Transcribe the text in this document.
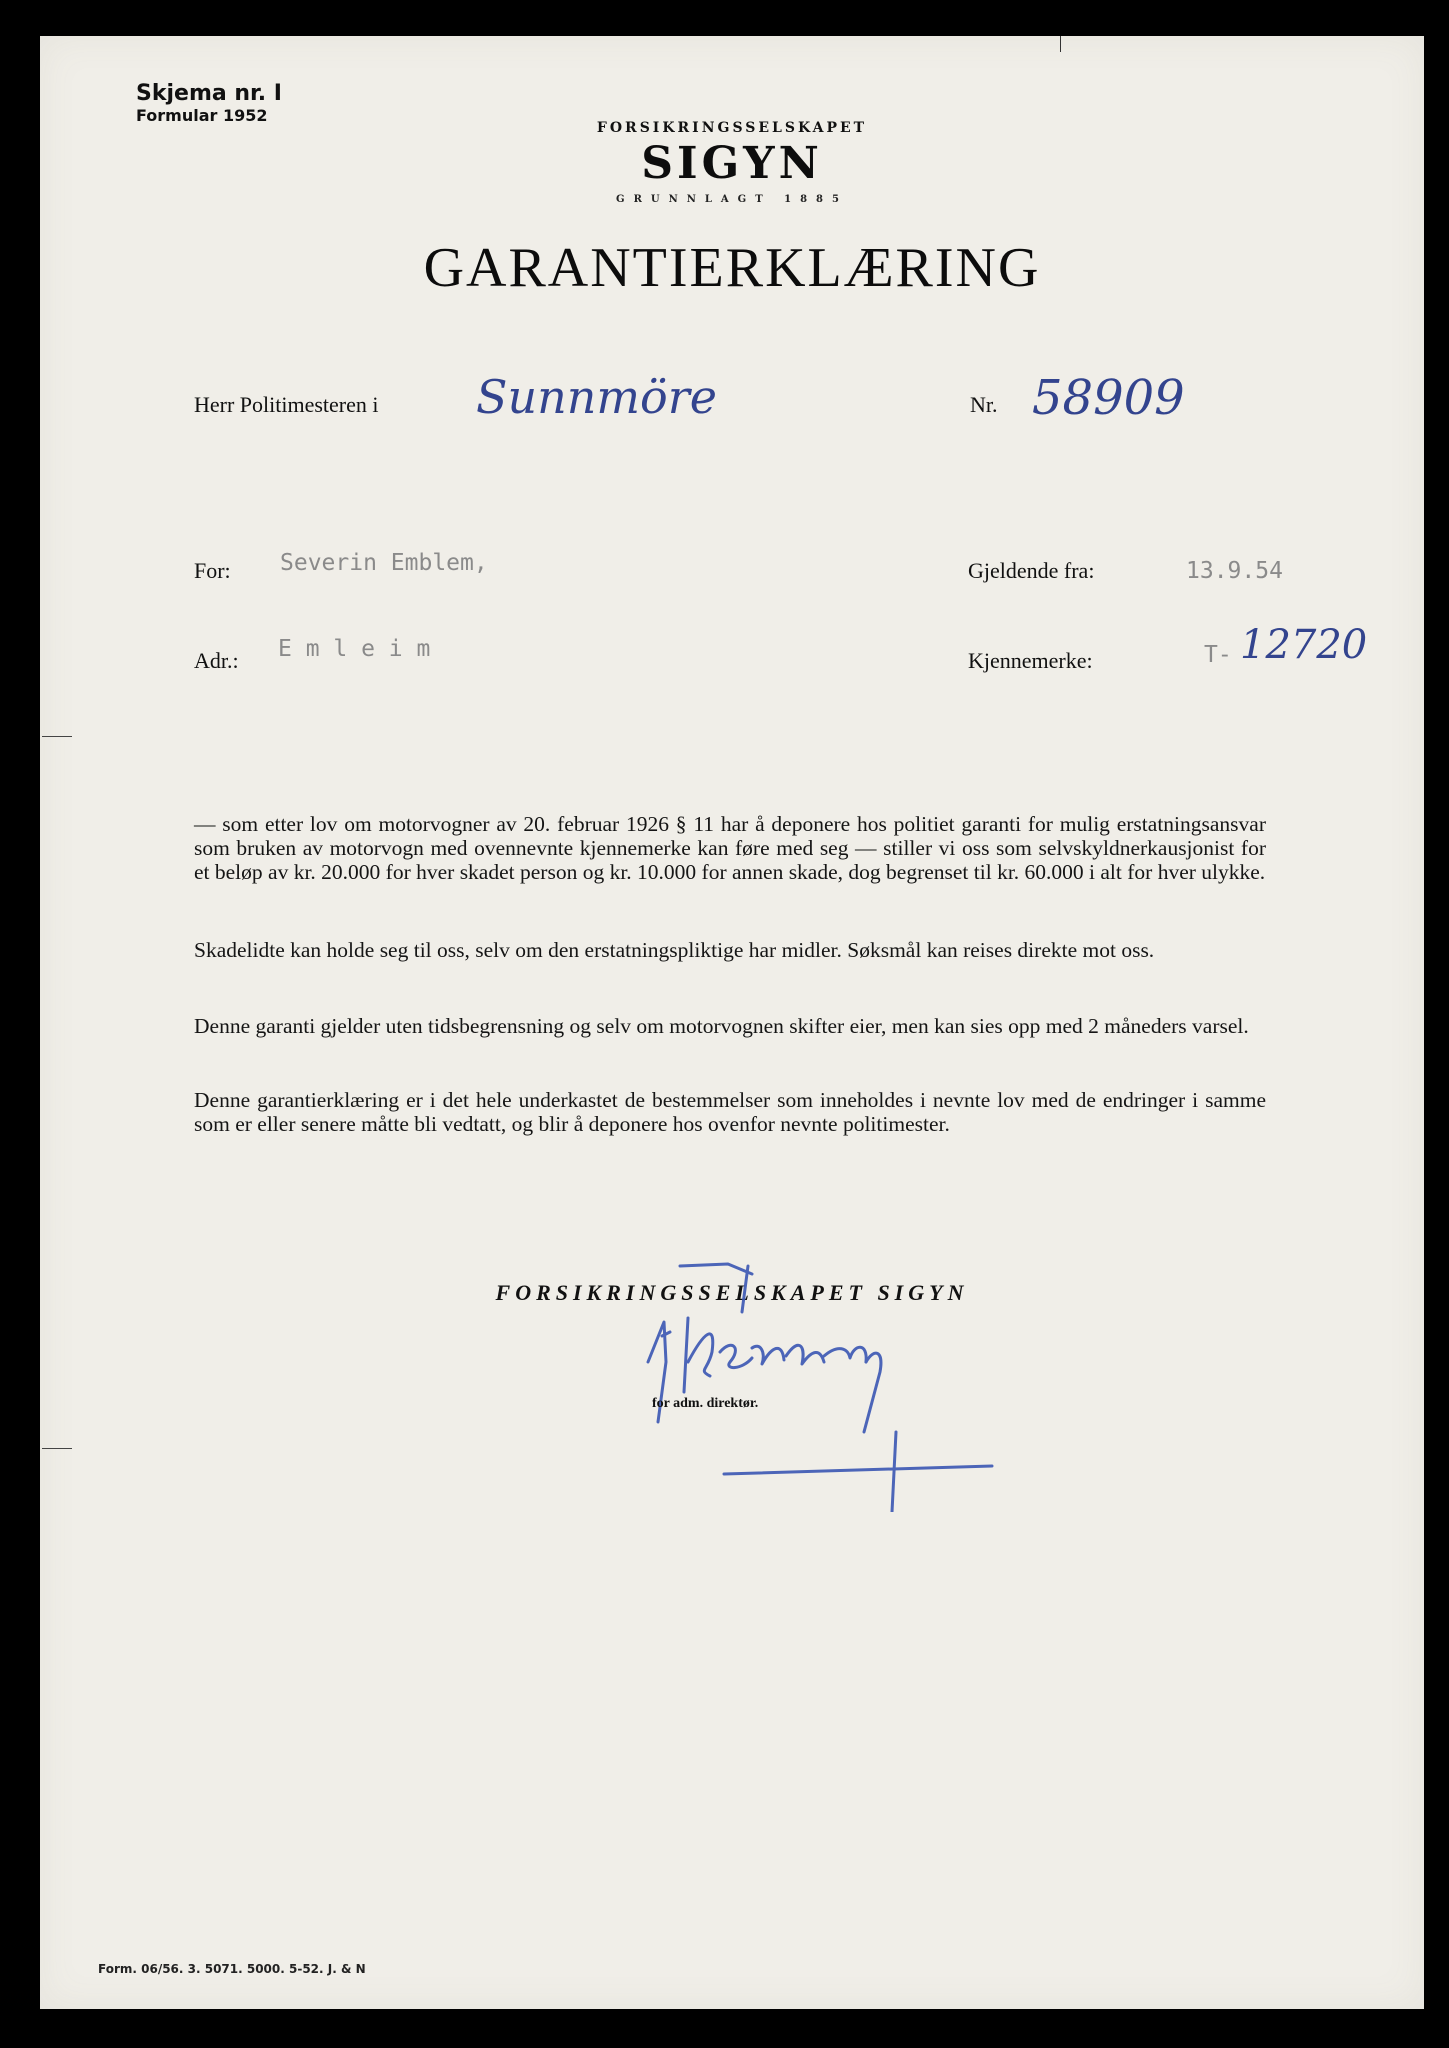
Skjema nr. I
Formular 1952
FORSIKRINGSSELSKAPET
SIGYN
GRUNNLAGT 1885
GARANTIERKLÆRING
Herr Politimesteren i Sunnmöre	Nr. 58909
For: Severin Emblem,	Gjeldende fra:	13.9.54
Adr.: E m l e i m	Kjennemerke:	T- 12720
— som etter lov om motorvogner av 20. februar 1926 § 11 har å deponere hos politiet garanti for mulig erstatningsansvar som bruken av motorvogn med ovennevnte kjennemerke kan føre med seg — stiller vi oss som selvskyldnerkausjonist for et beløp av kr. 20.000 for hver skadet person og kr. 10.000 for annen skade, dog begrenset til kr. 60.000 i alt for hver ulykke.
Skadelidte kan holde seg til oss, selv om den erstatningspliktige har midler. Søksmål kan reises direkte mot oss.
Denne garanti gjelder uten tidsbegrensning og selv om motorvognen skifter eier, men kan sies opp med 2 måneders varsel.
Denne garantierklæring er i det hele underkastet de bestemmelser som inneholdes i nevnte lov med de endringer i samme som er eller senere måtte bli vedtatt, og blir å deponere hos ovenfor nevnte politimester.
FORSIKRINGSSELSKAPET SIGYN
for adm. direktør.
Form. 06/56. 3. 5071. 5000. 5-52. J. & N
